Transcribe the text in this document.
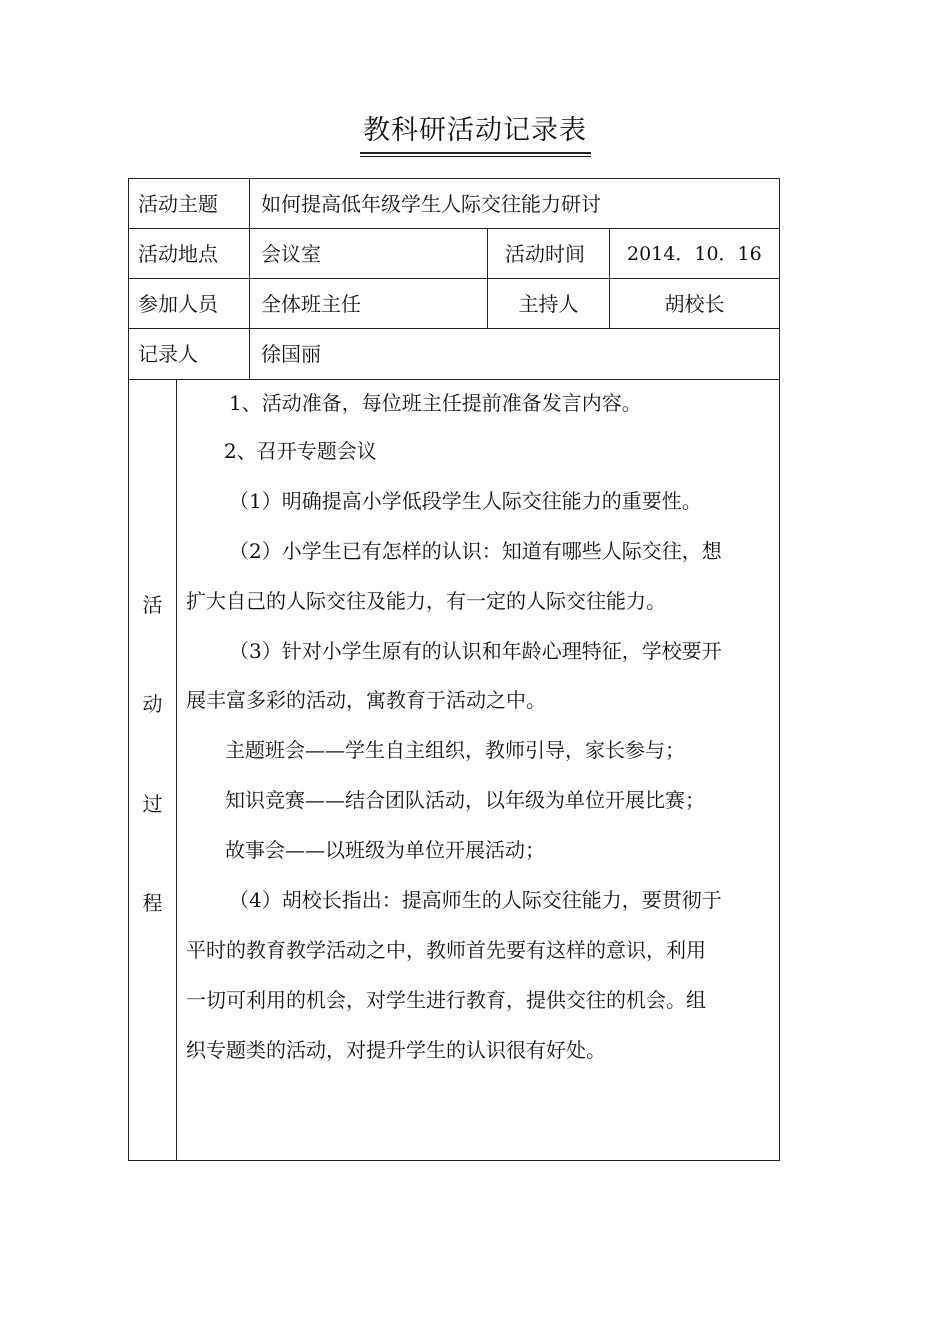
教科研活动记录表
活动主题 如何提高低年级学生人际交往能力研讨
活动地点 会议室	活动时间 2014．10．16
参加人员 全体班主任	主持人	胡校长
记录人	徐国丽
活
动
过
程
1、活动准备，每位班主任提前准备发言内容。
2、召开专题会议
（1）明确提高小学低段学生人际交往能力的重要性。
（2）小学生已有怎样的认识：知道有哪些人际交往，想
扩大自己的人际交往及能力，有一定的人际交往能力。
（3）针对小学生原有的认识和年龄心理特征，学校要开
展丰富多彩的活动，寓教育于活动之中。
主题班会——学生自主组织，教师引导，家长参与；
知识竞赛——结合团队活动，以年级为单位开展比赛；
故事会——以班级为单位开展活动；
（4）胡校长指出：提高师生的人际交往能力，要贯彻于
平时的教育教学活动之中，教师首先要有这样的意识，利用
一切可利用的机会，对学生进行教育，提供交往的机会。组
织专题类的活动，对提升学生的认识很有好处。
